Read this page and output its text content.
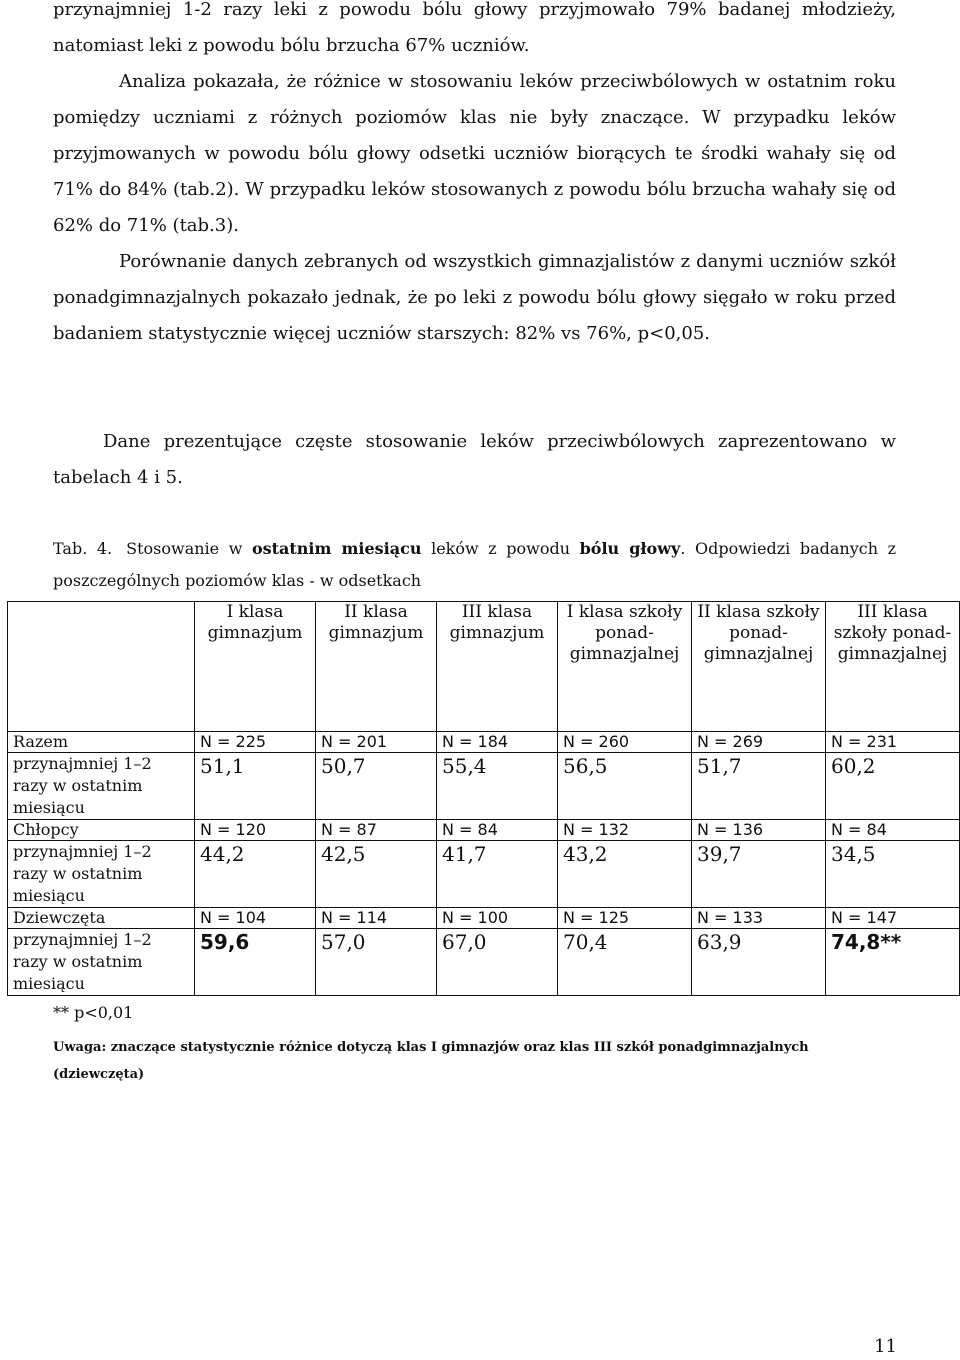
przynajmniej 1-2 razy leki z powodu bólu głowy przyjmowało 79% badanej młodzieży, natomiast leki z powodu bólu brzucha 67% uczniów.

Analiza pokazała, że różnice w stosowaniu leków przeciwbólowych w ostatnim roku pomiędzy uczniami z różnych poziomów klas nie były znaczące. W przypadku leków przyjmowanych w powodu bólu głowy odsetki uczniów biorących te środki wahały się od 71% do 84% (tab.2). W przypadku leków stosowanych z powodu bólu brzucha wahały się od 62% do 71% (tab.3).

Porównanie danych zebranych od wszystkich gimnazjalistów z danymi uczniów szkół ponadgimnazjalnych pokazało jednak, że po leki z powodu bólu głowy sięgało w roku przed badaniem statystycznie więcej uczniów starszych: 82% vs 76%, p<0,05.

Dane prezentujące częste stosowanie leków przeciwbólowych zaprezentowano w tabelach 4 i 5.

Tab. 4. Stosowanie w ostatnim miesiącu leków z powodu bólu głowy. Odpowiedzi badanych z poszczególnych poziomów klas - w odsetkach

	I klasa gimnazjum	II klasa gimnazjum	III klasa gimnazjum	I klasa szkoły ponad-gimnazjalnej	II klasa szkoły ponad-gimnazjalnej	III klasa szkoły ponad-gimnazjalnej
Razem	N = 225	N = 201	N = 184	N = 260	N = 269	N = 231
przynajmniej 1–2 razy w ostatnim miesiącu	51,1	50,7	55,4	56,5	51,7	60,2
Chłopcy	N = 120	N = 87	N = 84	N = 132	N = 136	N = 84
przynajmniej 1–2 razy w ostatnim miesiącu	44,2	42,5	41,7	43,2	39,7	34,5
Dziewczęta	N = 104	N = 114	N = 100	N = 125	N = 133	N = 147
przynajmniej 1–2 razy w ostatnim miesiącu	59,6	57,0	67,0	70,4	63,9	74,8**

** p<0,01

Uwaga: znaczące statystycznie różnice dotyczą klas I gimnazjów oraz klas III szkół ponadgimnazjalnych (dziewczęta)

11
